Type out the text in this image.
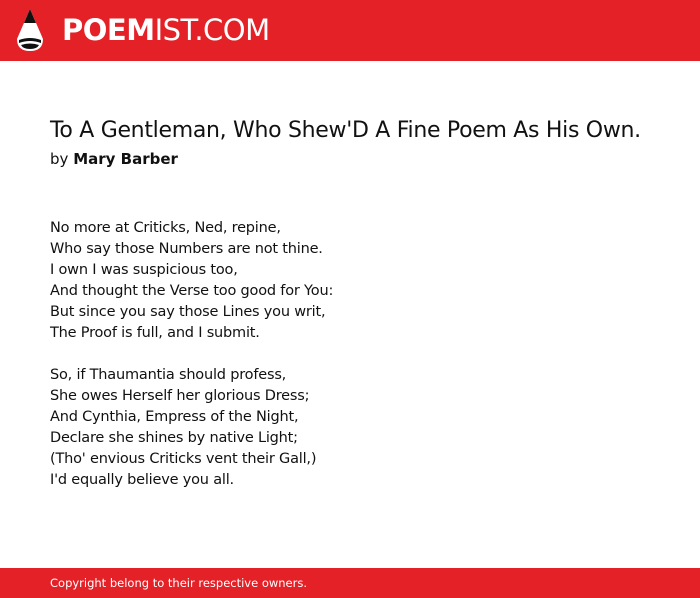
POEMIST.COM
To A Gentleman, Who Shew'D A Fine Poem As His Own.
by Mary Barber
No more at Criticks, Ned, repine,
Who say those Numbers are not thine.
I own I was suspicious too,
And thought the Verse too good for You:
But since you say those Lines you writ,
The Proof is full, and I submit.
So, if Thaumantia should profess,
She owes Herself her glorious Dress;
And Cynthia, Empress of the Night,
Declare she shines by native Light;
(Tho' envious Criticks vent their Gall,)
I'd equally believe you all.
Copyright belong to their respective owners.
